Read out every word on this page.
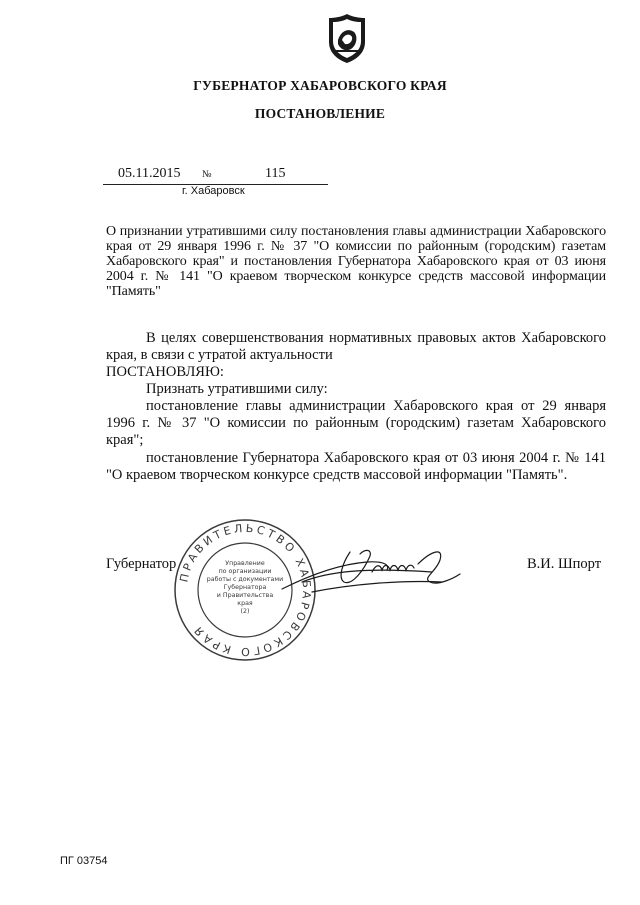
ГУБЕРНАТОР ХАБАРОВСКОГО КРАЯ
ПОСТАНОВЛЕНИЕ
05.11.2015 №	115
г. Хабаровск
О признании утратившими силу постановления главы администрации Хабаровского края от 29 января 1996 г. № 37 "О комиссии по районным (городским) газетам Хабаровского края" и постановления Губернатора Хабаровского края от 03 июня 2004 г. № 141 "О краевом творческом конкурсе средств массовой информации "Память"

В целях совершенствования нормативных правовых актов Хабаровского края, в связи с утратой актуальности

ПОСТАНОВЛЯЮ:
Признать утратившими силу:

постановление главы администрации Хабаровского края от 29 января 1996 г. № 37 "О комиссии по районным (городским) газетам Хабаровского края";

постановление Губернатора Хабаровского края от 03 июня 2004 г. № 141 "О краевом творческом конкурсе средств массовой информации "Память".

Губернатор	В.И. Шпорт
ПРАВИТЕЛЬСТВО ХАБАРОВСКОГО КРАЯ
Управление
по организации
работы с документами
Губернатора
и Правительства
края
(2)
ПГ 03754
